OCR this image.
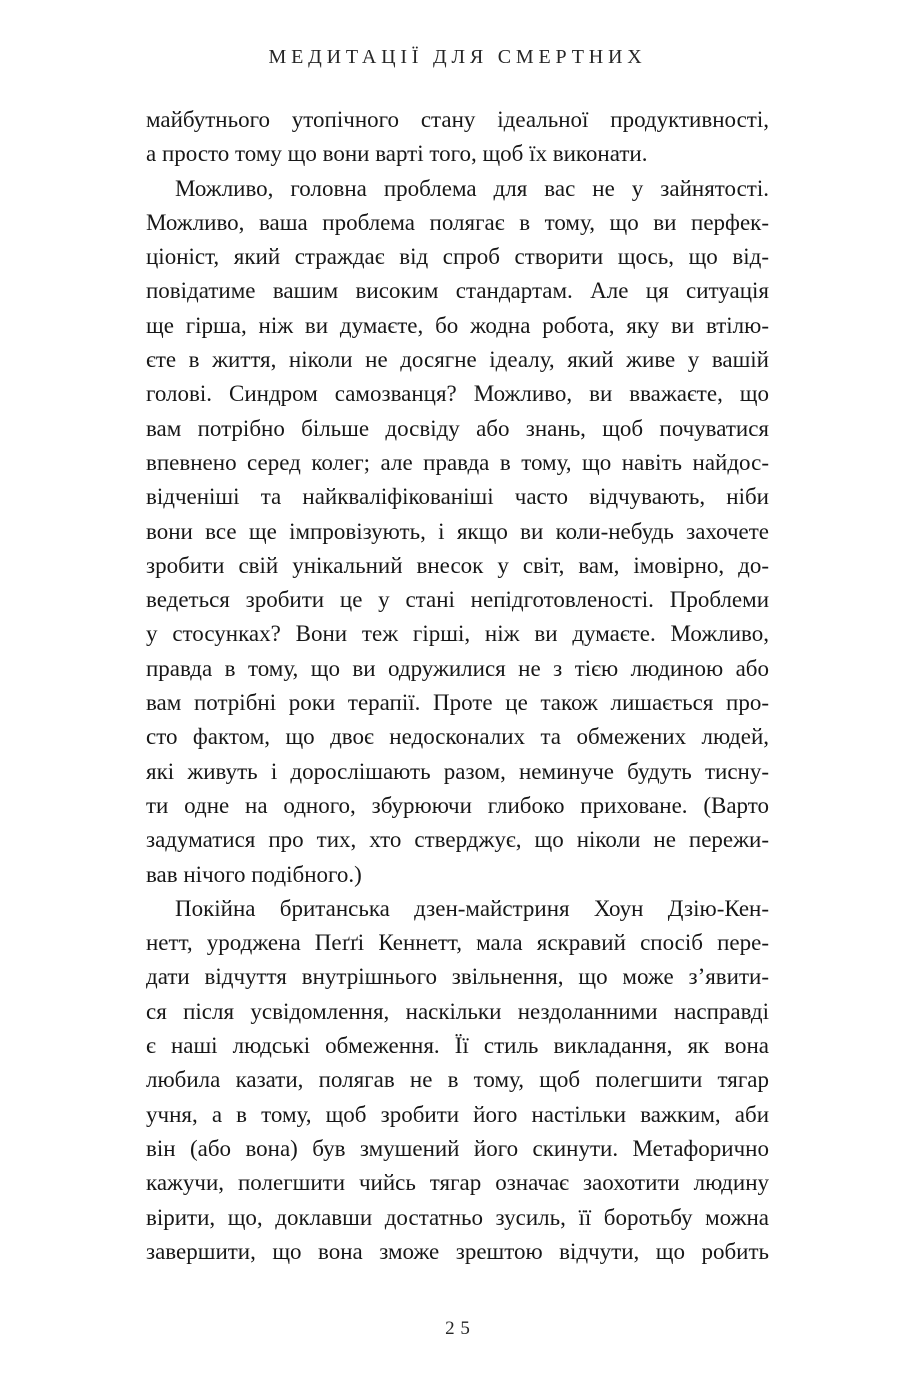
МЕДИТАЦІЇ ДЛЯ СМЕРТНИХ
майбутнього утопічного стану ідеальної продуктивності,
а просто тому що вони варті того, щоб їх виконати.
Можливо, головна проблема для вас не у зайнятості.
Можливо, ваша проблема полягає в тому, що ви перфек-
ціоніст, який страждає від спроб створити щось, що від-
повідатиме вашим високим стандартам. Але ця ситуація
ще гірша, ніж ви думаєте, бо жодна робота, яку ви втілю-
єте в життя, ніколи не досягне ідеалу, який живе у вашій
голові. Синдром самозванця? Можливо, ви вважаєте, що
вам потрібно більше досвіду або знань, щоб почуватися
впевнено серед колег; але правда в тому, що навіть найдос-
відченіші та найкваліфікованіші часто відчувають, ніби
вони все ще імпровізують, і якщо ви коли-небудь захочете
зробити свій унікальний внесок у світ, вам, імовірно, до-
ведеться зробити це у стані непідготовленості. Проблеми
у стосунках? Вони теж гірші, ніж ви думаєте. Можливо,
правда в тому, що ви одружилися не з тією людиною або
вам потрібні роки терапії. Проте це також лишається про-
сто фактом, що двоє недосконалих та обмежених людей,
які живуть і дорослішають разом, неминуче будуть тисну-
ти одне на одного, збурюючи глибоко приховане. (Варто
задуматися про тих, хто стверджує, що ніколи не пережи-
вав нічого подібного.)
Покійна британська дзен-майстриня Хоун Дзію-Кен-
нетт, уроджена Пеґґі Кеннетт, мала яскравий спосіб пере-
дати відчуття внутрішнього звільнення, що може з’явити-
ся після усвідомлення, наскільки нездоланними насправді
є наші людські обмеження. Її стиль викладання, як вона
любила казати, полягав не в тому, щоб полегшити тягар
учня, а в тому, щоб зробити його настільки важким, аби
він (або вона) був змушений його скинути. Метафорично
кажучи, полегшити чийсь тягар означає заохотити людину
вірити, що, доклавши достатньо зусиль, її боротьбу можна
завершити, що вона зможе зрештою відчути, що робить
25
